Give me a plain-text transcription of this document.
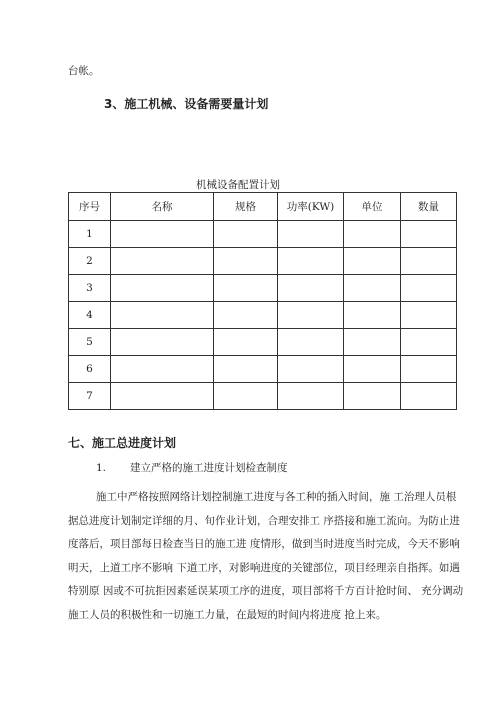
台帐。
3、施工机械、设备需要量计划
机械设备配置计划
序号	名称	规格	功率(KW)	单位	数量
1					
2					
3					
4					
5					
6					
7					
七、施工总进度计划
1. 建立严格的施工进度计划检查制度
施工中严格按照网络计划控制施工进度与各工种的插入时间，施 工治理人员根
据总进度计划制定详细的月、旬作业计划，合理安排工 序搭接和施工流向。为防止进
度落后，项目部每日检查当日的施工进 度情形，做到当时进度当时完成，今天不影响
明天，上道工序不影响 下道工序，对影响进度的关键部位，项目经理亲自指挥。如遇
特别原 因或不可抗拒因素延误某项工序的进度，项目部将千方百计抢时间、 充分调动
施工人员的积极性和一切施工力量，在最短的时间内将进度 抢上来。
